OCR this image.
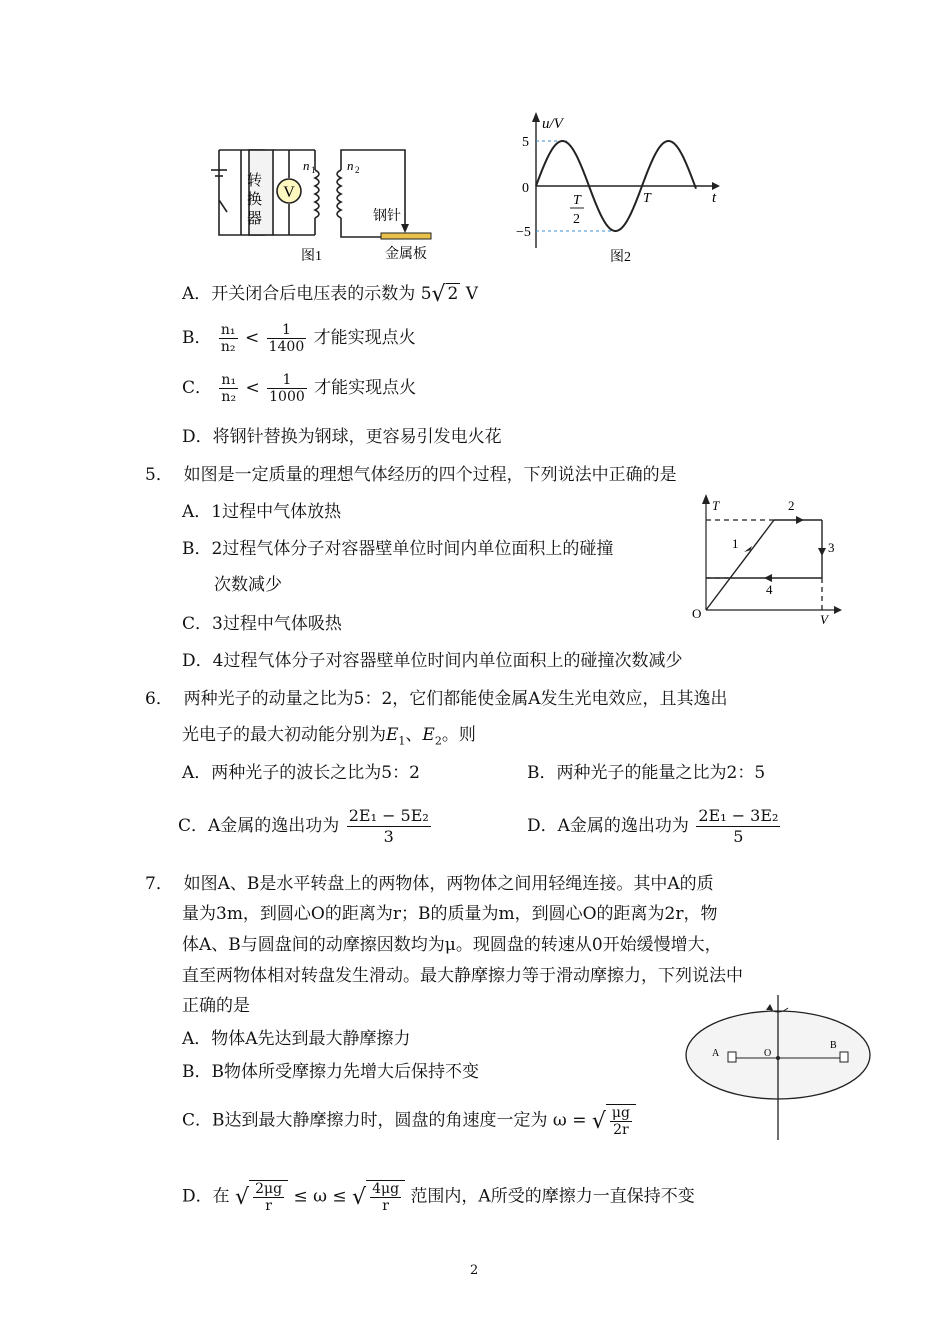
V
转换器
n 1 n 2
钢针
金属板
图1
u/V
5
−5
0
T
2
T	t
图2
A．开关闭合后电压表的示数为 5√ 2 V
B． $\frac{\text{n₁}}{\text{n₂}} < \frac{1}{1400}$ 才能实现点火
C． $\frac{\text{n₁}}{\text{n₂}} < \frac{1}{1000}$ 才能实现点火
D．将钢针替换为钢球，更容易引发电火花
5． 如图是一定质量的理想气体经历的四个过程，下列说法中正确的是
A．1过程中气体放热
B．2过程气体分子对容器壁单位时间内单位面积上的碰撞
次数减少
C．3过程中气体吸热
D．4过程气体分子对容器壁单位时间内单位面积上的碰撞次数减少
T
V
O
1
2
3
4
6． 两种光子的动量之比为5：2，它们都能使金属A发生光电效应，且其逸出
光电子的最大初动能分别为$E_1$、$E_2$。则
A．两种光子的波长之比为5：2	B．两种光子的能量之比为2：5
C．A金属的逸出功为 $\frac{\text{2E₁ − 5E₂}}{3}$	D．A金属的逸出功为 $\frac{\text{2E₁ − 3E₂}}{5}$
7． 如图A、B是水平转盘上的两物体，两物体之间用轻绳连接。其中A的质
量为3m，到圆心O的距离为r；B的质量为m，到圆心O的距离为2r，物
体A、B与圆盘间的动摩擦因数均为μ。现圆盘的转速从0开始缓慢增大，
直至两物体相对转盘发生滑动。最大静摩擦力等于滑动摩擦力，下列说法中
正确的是
A．物体A先达到最大静摩擦力
B．B物体所受摩擦力先增大后保持不变
C．B达到最大静摩擦力时，圆盘的角速度一定为 ω = √ $\frac{\mu g}{2r}$
D．在 √ $\frac{2\mu g}{r} \le \omega$ ≤ √ $\frac{4\mu g}{r}$ 范围内，A所受的摩擦力一直保持不变
A	O
B
2
